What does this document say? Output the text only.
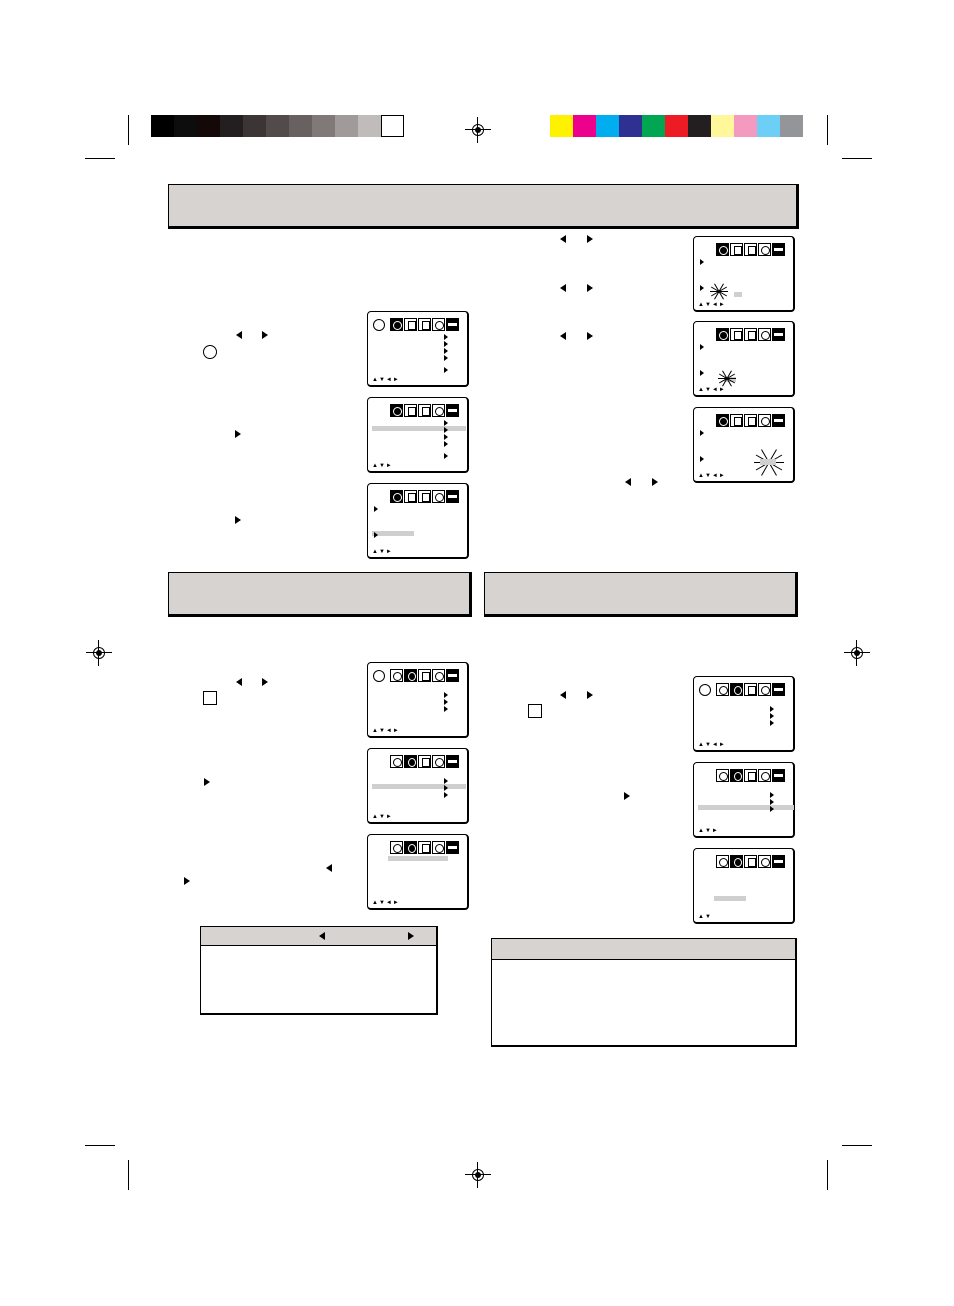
▲▼◄►
▲▼►
▲▼►
▲▼◄►
▲▼◄►
▲▼◄►
▲▼◄►
▲▼►
▲▼◄►
▲▼◄►
▲▼►
▲▼
